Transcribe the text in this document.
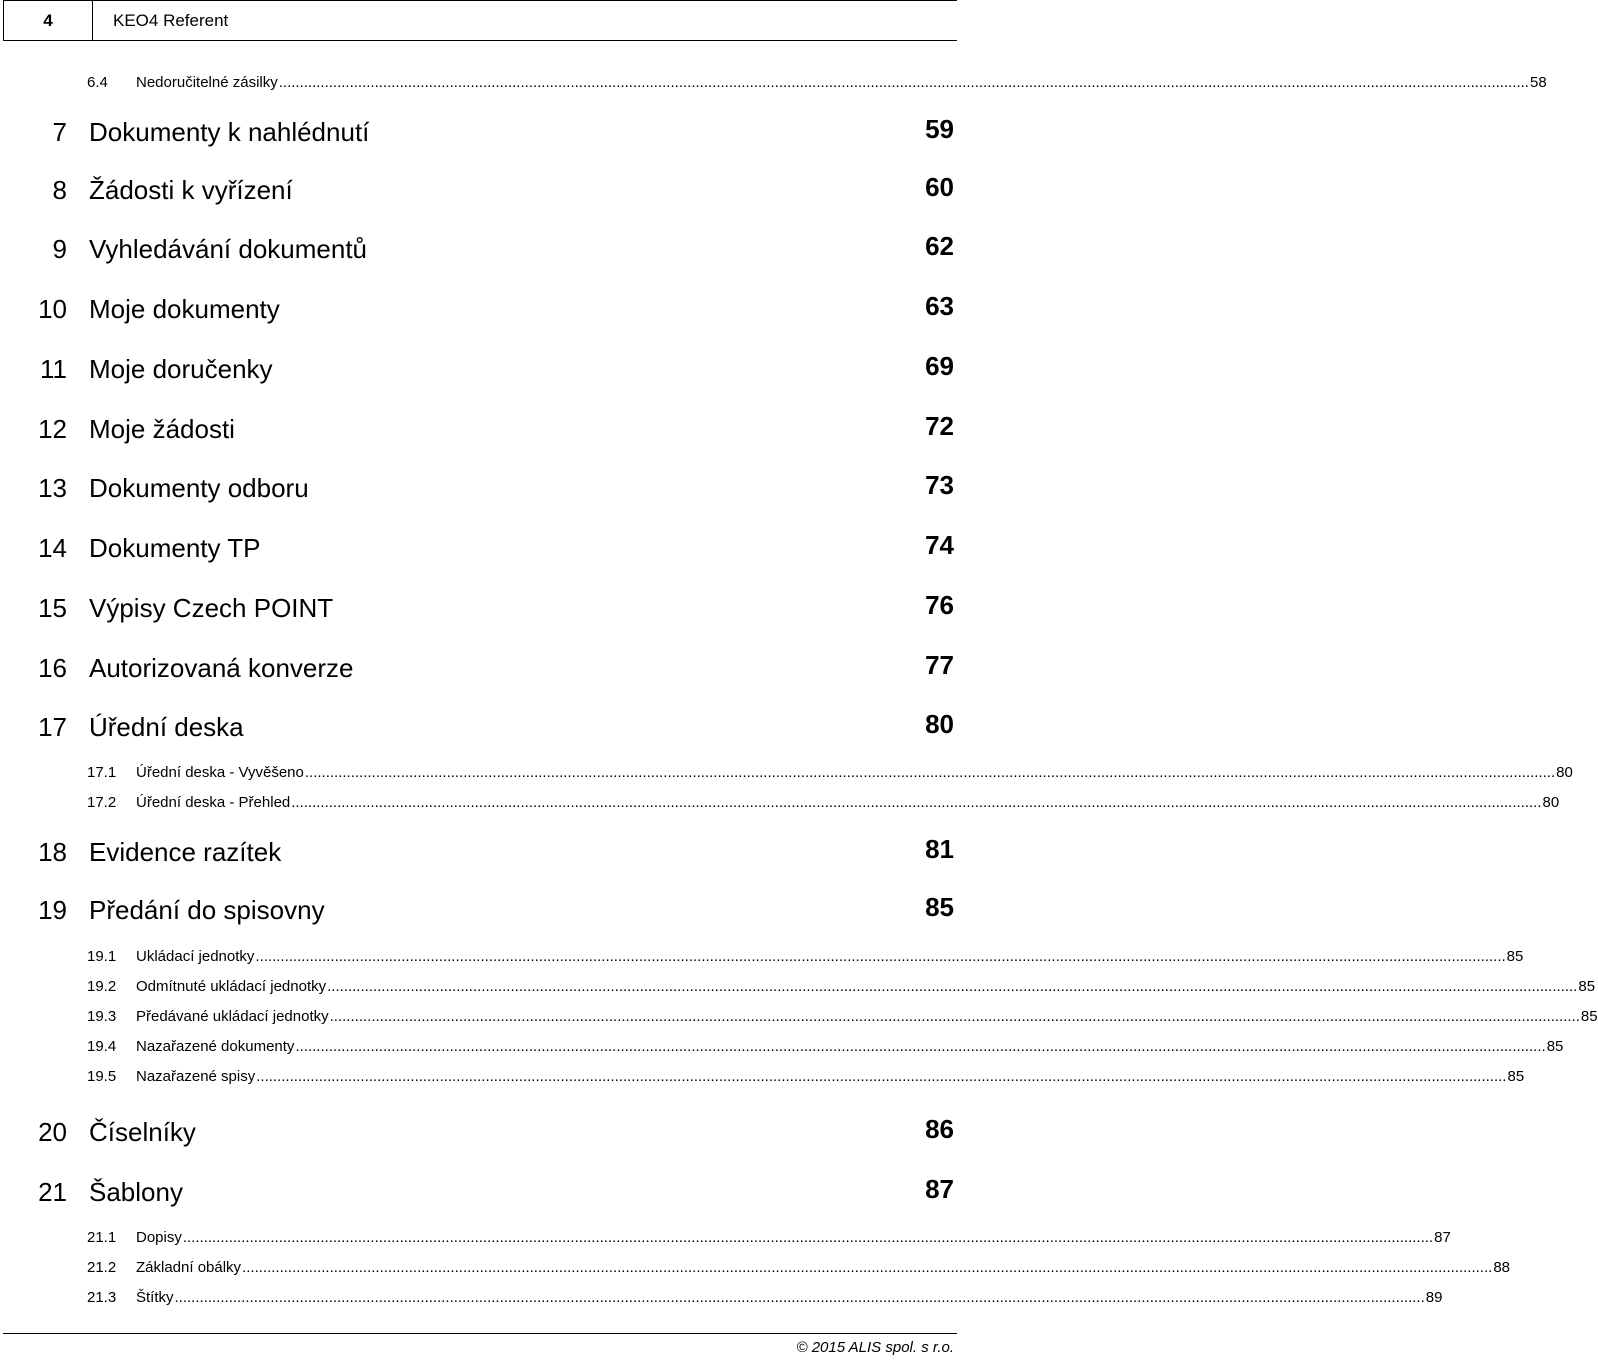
4	KEO4 Referent
6.4 Nedoručitelné zásilky ............................................................................................................................................................................................................................................................................................................ 58
7 Dokumenty k nahlédnutí	59
8 Žádosti k vyřízení	60
9 Vyhledávání dokumentů	62
10 Moje dokumenty	63
11 Moje doručenky	69
12 Moje žádosti	72
13 Dokumenty odboru	73
14 Dokumenty TP	74
15 Výpisy Czech POINT	76
16 Autorizovaná konverze	77
17 Úřední deska	80
17.1 Úřední deska - Vyvěšeno ............................................................................................................................................................................................................................................................................................................ 80
17.2 Úřední deska - Přehled ............................................................................................................................................................................................................................................................................................................ 80
18 Evidence razítek	81
19 Předání do spisovny	85
19.1 Ukládací jednotky ............................................................................................................................................................................................................................................................................................................ 85
19.2 Odmítnuté ukládací jednotky ............................................................................................................................................................................................................................................................................................................ 85
19.3 Předávané ukládací jednotky ............................................................................................................................................................................................................................................................................................................ 85
19.4 Nazařazené dokumenty ............................................................................................................................................................................................................................................................................................................ 85
19.5 Nazařazené spisy ............................................................................................................................................................................................................................................................................................................ 85
20 Číselníky	86
21 Šablony	87
21.1 Dopisy ............................................................................................................................................................................................................................................................................................................ 87
21.2 Základní obálky ............................................................................................................................................................................................................................................................................................................ 88
21.3 Štítky ............................................................................................................................................................................................................................................................................................................ 89
© 2015 ALIS spol. s r.o.
